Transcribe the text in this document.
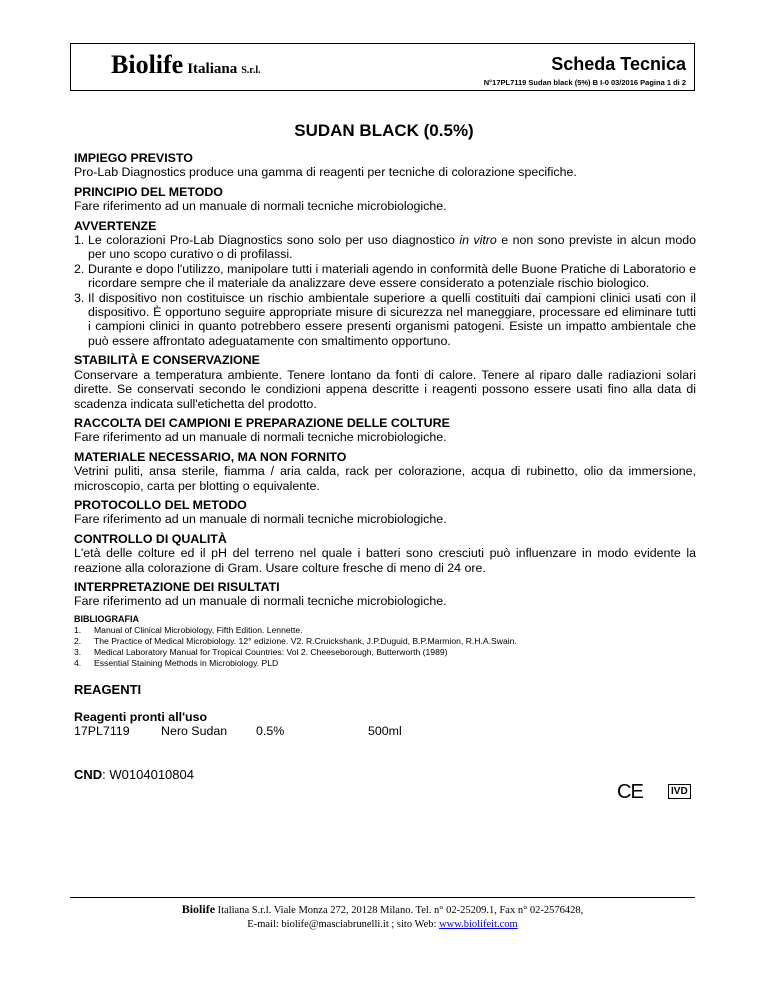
Biolife Italiana S.r.l.	Scheda Tecnica
N°17PL7119 Sudan black (5%) B I-0 03/2016 Pagina 1 di 2
SUDAN BLACK (0.5%)
IMPIEGO PREVISTO

Pro-Lab Diagnostics produce una gamma di reagenti per tecniche di colorazione specifiche.

PRINCIPIO DEL METODO

Fare riferimento ad un manuale di normali tecniche microbiologiche.

AVVERTENZE
1. Le colorazioni Pro-Lab Diagnostics sono solo per uso diagnostico in vitro e non sono previste in alcun modo per uno scopo curativo o di profilassi.
2. Durante e dopo l'utilizzo, manipolare tutti i materiali agendo in conformità delle Buone Pratiche di Laboratorio e ricordare sempre che il materiale da analizzare deve essere considerato a potenziale rischio biologico.
3. Il dispositivo non costituisce un rischio ambientale superiore a quelli costituiti dai campioni clinici usati con il dispositivo. È opportuno seguire appropriate misure di sicurezza nel maneggiare, processare ed eliminare tutti i campioni clinici in quanto potrebbero essere presenti organismi patogeni. Esiste un impatto ambientale che può essere affrontato adeguatamente con smaltimento opportuno.
STABILITÀ E CONSERVAZIONE

Conservare a temperatura ambiente. Tenere lontano da fonti di calore. Tenere al riparo dalle radiazioni solari dirette. Se conservati secondo le condizioni appena descritte i reagenti possono essere usati fino alla data di scadenza indicata sull'etichetta del prodotto.

RACCOLTA DEI CAMPIONI E PREPARAZIONE DELLE COLTURE

Fare riferimento ad un manuale di normali tecniche microbiologiche.

MATERIALE NECESSARIO, MA NON FORNITO

Vetrini puliti, ansa sterile, fiamma / aria calda, rack per colorazione, acqua di rubinetto, olio da immersione, microscopio, carta per blotting o equivalente.

PROTOCOLLO DEL METODO

Fare riferimento ad un manuale di normali tecniche microbiologiche.

CONTROLLO DI QUALITÀ

L'età delle colture ed il pH del terreno nel quale i batteri sono cresciuti può influenzare in modo evidente la reazione alla colorazione di Gram. Usare colture fresche di meno di 24 ore.

INTERPRETAZIONE DEI RISULTATI

Fare riferimento ad un manuale di normali tecniche microbiologiche.

BIBLIOGRAFIA
1. Manual of Clinical Microbiology, Fifth Edition. Lennette.
2. The Practice of Medical Microbiology. 12° edizione. V2. R.Cruickshank, J.P.Duguid, B.P.Marmion, R.H.A.Swain.
3. Medical Laboratory Manual for Tropical Countries: Vol 2. Cheeseborough, Butterworth (1989)
4. Essential Staining Methods in Microbiology. PLD
REAGENTI
Reagenti pronti all'uso
17PL7119	Nero Sudan 0.5%	500ml
CND: W0104010804
CE	IVD
Biolife Italiana S.r.l. Viale Monza 272, 20128 Milano. Tel. n° 02-25209.1, Fax n° 02-2576428,
E-mail: biolife@masciabrunelli.it ; sito Web: www.biolifeit.com
